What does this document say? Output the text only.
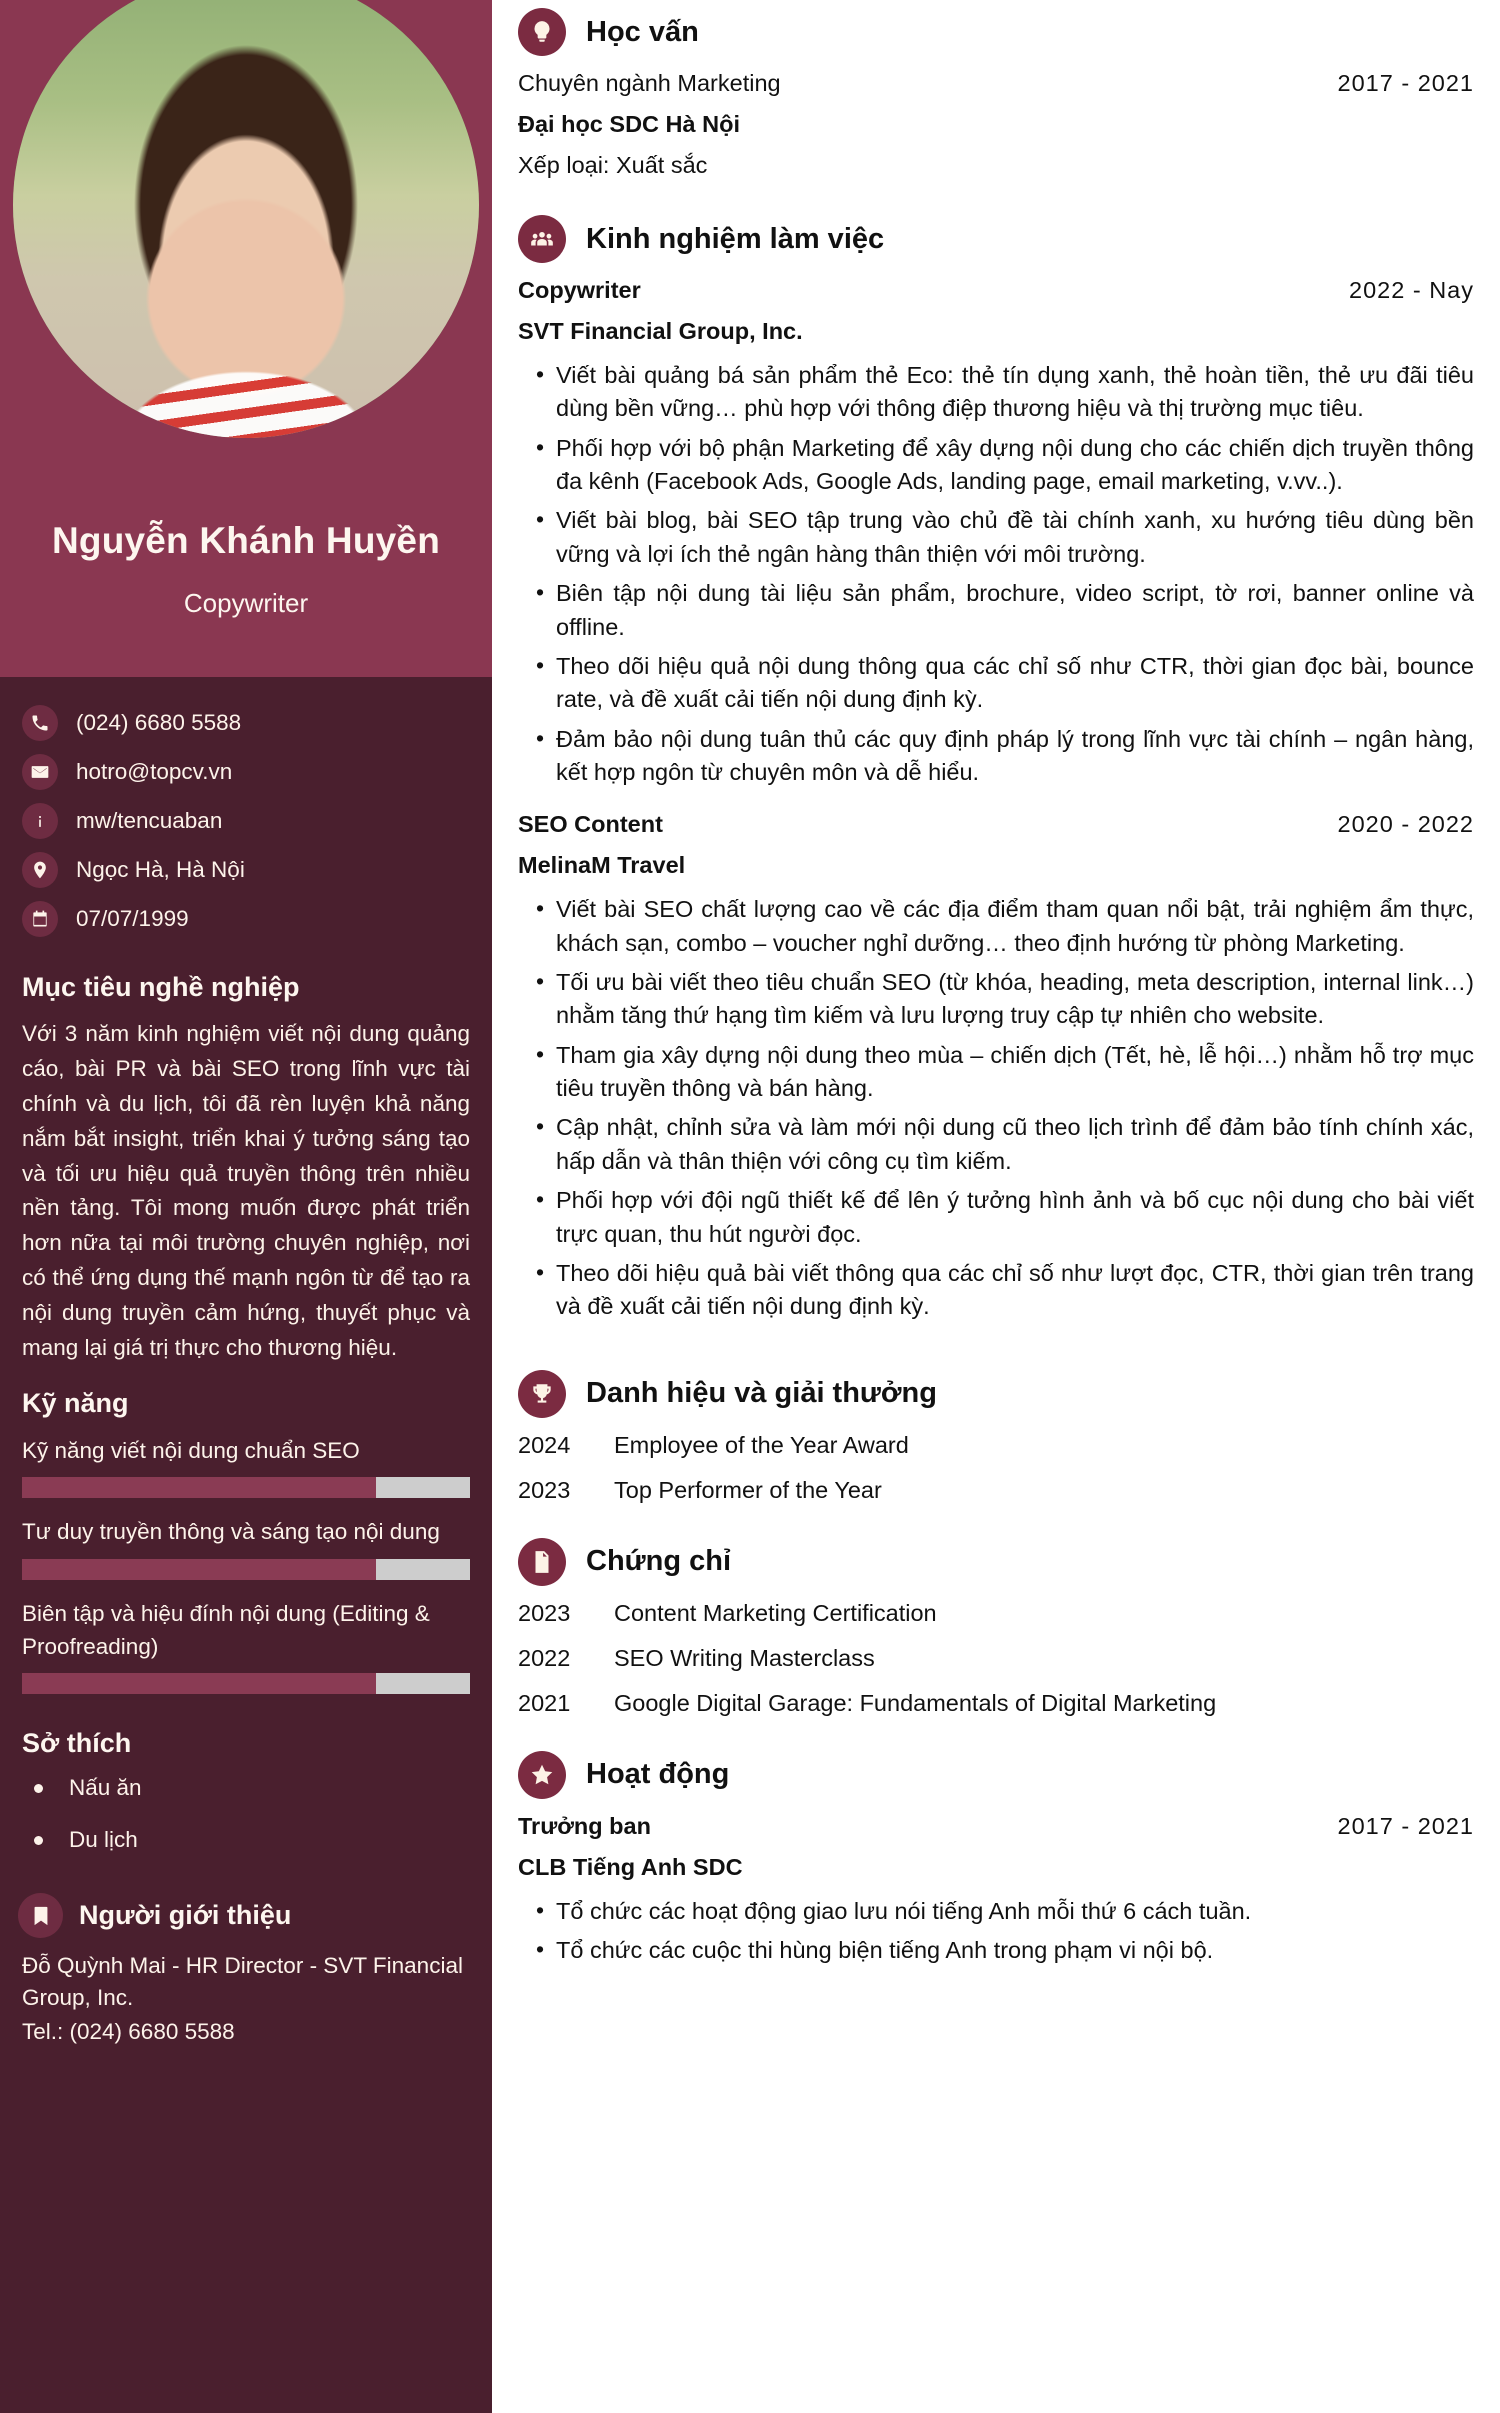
Nguyễn Khánh Huyền
Copywriter
(024) 6680 5588
hotro@topcv.vn
mw/tencuaban
Ngọc Hà, Hà Nội
07/07/1999
Mục tiêu nghề nghiệp
Với 3 năm kinh nghiệm viết nội dung quảng cáo, bài PR và bài SEO trong lĩnh vực tài chính và du lịch, tôi đã rèn luyện khả năng nắm bắt insight, triển khai ý tưởng sáng tạo và tối ưu hiệu quả truyền thông trên nhiều nền tảng. Tôi mong muốn được phát triển hơn nữa tại môi trường chuyên nghiệp, nơi có thể ứng dụng thế mạnh ngôn từ để tạo ra nội dung truyền cảm hứng, thuyết phục và mang lại giá trị thực cho thương hiệu.
Kỹ năng
Kỹ năng viết nội dung chuẩn SEO
Tư duy truyền thông và sáng tạo nội dung
Biên tập và hiệu đính nội dung (Editing & Proofreading)
Sở thích
Nấu ăn
Du lịch
Người giới thiệu
Đỗ Quỳnh Mai - HR Director - SVT Financial Group, Inc.
Tel.: (024) 6680 5588
Học vấn
Chuyên ngành Marketing	2017 - 2021
Đại học SDC Hà Nội
Xếp loại: Xuất sắc
Kinh nghiệm làm việc
Copywriter	2022 - Nay
SVT Financial Group, Inc.
• Viết bài quảng bá sản phẩm thẻ Eco: thẻ tín dụng xanh, thẻ hoàn tiền, thẻ ưu đãi tiêu dùng bền vững… phù hợp với thông điệp thương hiệu và thị trường mục tiêu.
• Phối hợp với bộ phận Marketing để xây dựng nội dung cho các chiến dịch truyền thông đa kênh (Facebook Ads, Google Ads, landing page, email marketing, v.vv..).
• Viết bài blog, bài SEO tập trung vào chủ đề tài chính xanh, xu hướng tiêu dùng bền vững và lợi ích thẻ ngân hàng thân thiện với môi trường.
• Biên tập nội dung tài liệu sản phẩm, brochure, video script, tờ rơi, banner online và offline.
• Theo dõi hiệu quả nội dung thông qua các chỉ số như CTR, thời gian đọc bài, bounce rate, và đề xuất cải tiến nội dung định kỳ.
• Đảm bảo nội dung tuân thủ các quy định pháp lý trong lĩnh vực tài chính – ngân hàng, kết hợp ngôn từ chuyên môn và dễ hiểu.
SEO Content	2020 - 2022
MelinaM Travel
• Viết bài SEO chất lượng cao về các địa điểm tham quan nổi bật, trải nghiệm ẩm thực, khách sạn, combo – voucher nghỉ dưỡng… theo định hướng từ phòng Marketing.
• Tối ưu bài viết theo tiêu chuẩn SEO (từ khóa, heading, meta description, internal link…) nhằm tăng thứ hạng tìm kiếm và lưu lượng truy cập tự nhiên cho website.
• Tham gia xây dựng nội dung theo mùa – chiến dịch (Tết, hè, lễ hội…) nhằm hỗ trợ mục tiêu truyền thông và bán hàng.
• Cập nhật, chỉnh sửa và làm mới nội dung cũ theo lịch trình để đảm bảo tính chính xác, hấp dẫn và thân thiện với công cụ tìm kiếm.
• Phối hợp với đội ngũ thiết kế để lên ý tưởng hình ảnh và bố cục nội dung cho bài viết trực quan, thu hút người đọc.
• Theo dõi hiệu quả bài viết thông qua các chỉ số như lượt đọc, CTR, thời gian trên trang và đề xuất cải tiến nội dung định kỳ.
Danh hiệu và giải thưởng
2024	Employee of the Year Award
2023	Top Performer of the Year
Chứng chỉ
2023	Content Marketing Certification
2022	SEO Writing Masterclass
2021	Google Digital Garage: Fundamentals of Digital Marketing
Hoạt động
Trưởng ban	2017 - 2021
CLB Tiếng Anh SDC
• Tổ chức các hoạt động giao lưu nói tiếng Anh mỗi thứ 6 cách tuần.
• Tổ chức các cuộc thi hùng biện tiếng Anh trong phạm vi nội bộ.
